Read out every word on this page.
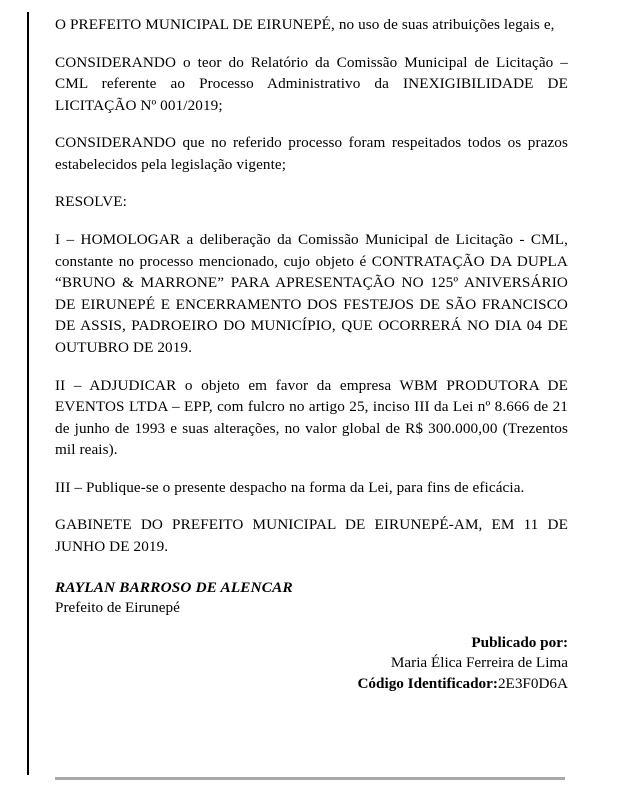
O PREFEITO MUNICIPAL DE EIRUNEPÉ, no uso de suas atribuições legais e,

CONSIDERANDO o teor do Relatório da Comissão Municipal de Licitação – CML referente ao Processo Administrativo da INEXIGIBILIDADE DE LICITAÇÃO Nº 001/2019;

CONSIDERANDO que no referido processo foram respeitados todos os prazos estabelecidos pela legislação vigente;

RESOLVE:

I – HOMOLOGAR a deliberação da Comissão Municipal de Licitação - CML, constante no processo mencionado, cujo objeto é CONTRATAÇÃO DA DUPLA “BRUNO & MARRONE” PARA APRESENTAÇÃO NO 125º ANIVERSÁRIO DE EIRUNEPÉ E ENCERRAMENTO DOS FESTEJOS DE SÃO FRANCISCO DE ASSIS, PADROEIRO DO MUNICÍPIO, QUE OCORRERÁ NO DIA 04 DE OUTUBRO DE 2019.

II – ADJUDICAR o objeto em favor da empresa WBM PRODUTORA DE EVENTOS LTDA – EPP, com fulcro no artigo 25, inciso III da Lei nº 8.666 de 21 de junho de 1993 e suas alterações, no valor global de R$ 300.000,00 (Trezentos mil reais).

III – Publique-se o presente despacho na forma da Lei, para fins de eficácia.

GABINETE DO PREFEITO MUNICIPAL DE EIRUNEPÉ-AM, EM 11 DE JUNHO DE 2019.

RAYLAN BARROSO DE ALENCAR
Prefeito de Eirunepé
Publicado por:
Maria Élica Ferreira de Lima
Código Identificador:2E3F0D6A
